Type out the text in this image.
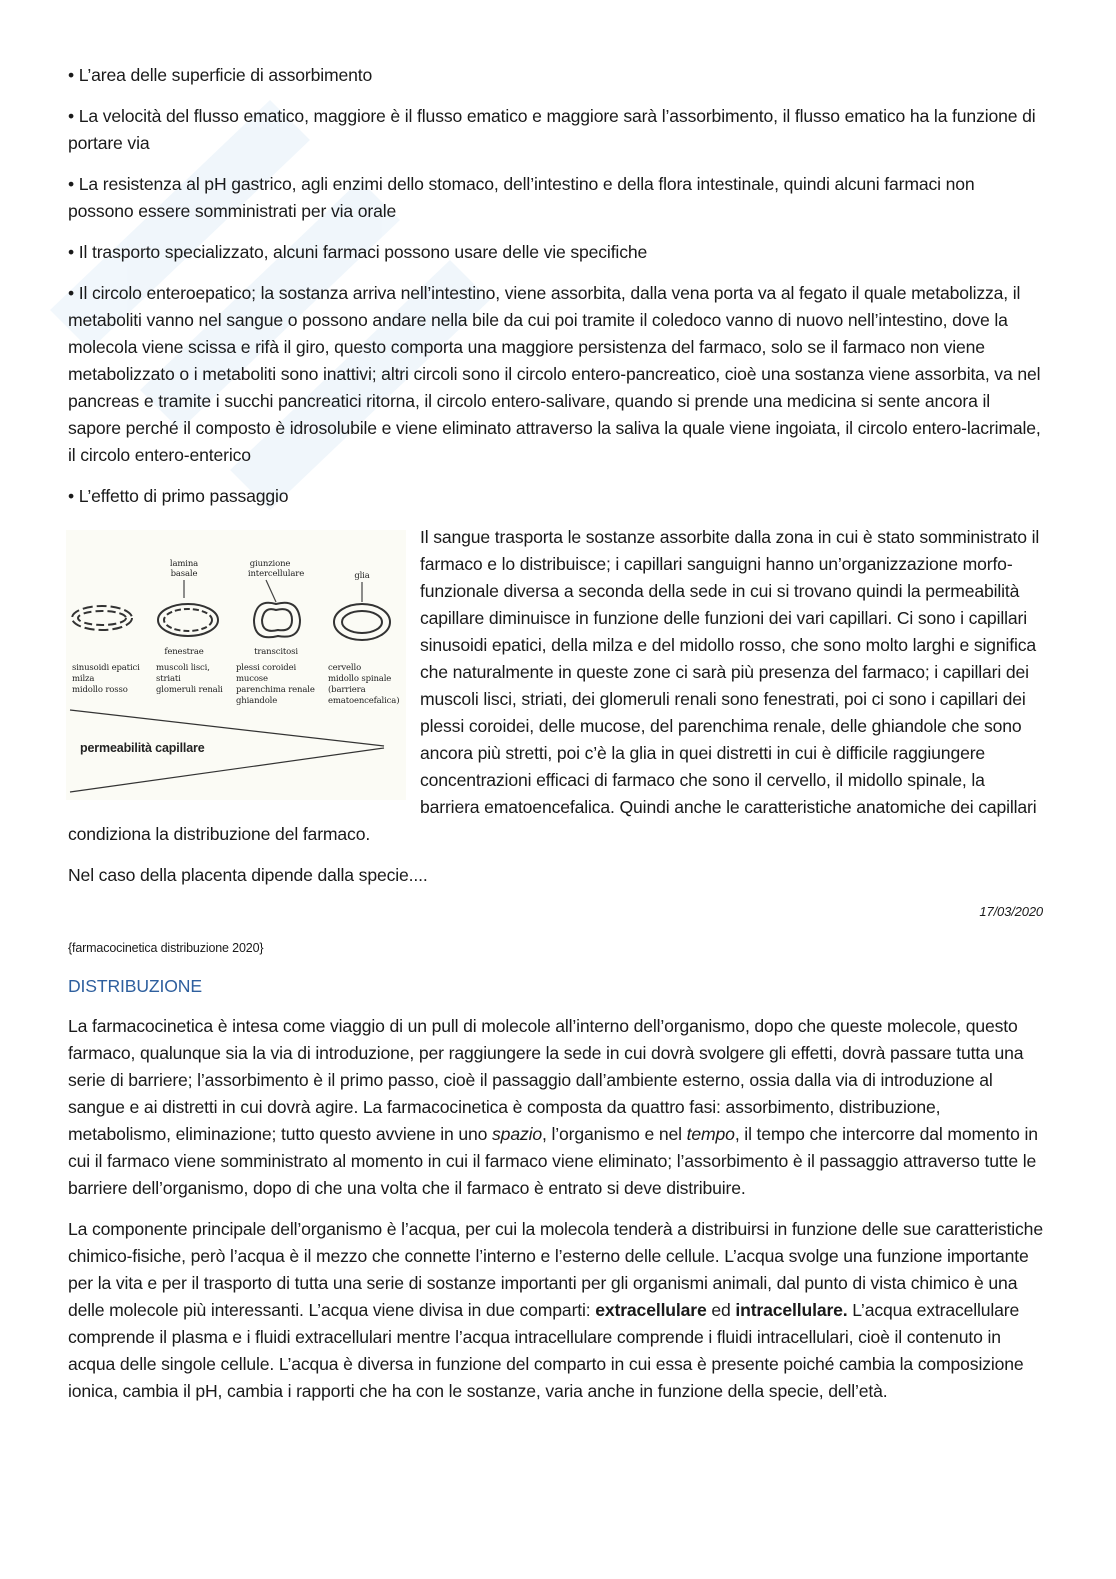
• L’area delle superficie di assorbimento
• La velocità del flusso ematico, maggiore è il flusso ematico e maggiore sarà l’assorbimento, il flusso ematico ha la funzione di portare via
• La resistenza al pH gastrico, agli enzimi dello stomaco, dell’intestino e della flora intestinale, quindi alcuni farmaci non possono essere somministrati per via orale
• Il trasporto specializzato, alcuni farmaci possono usare delle vie specifiche
• Il circolo enteroepatico; la sostanza arriva nell’intestino, viene assorbita, dalla vena porta va al fegato il quale metabolizza, il metaboliti vanno nel sangue o possono andare nella bile da cui poi tramite il coledoco vanno di nuovo nell’intestino, dove la molecola viene scissa e rifà il giro, questo comporta una maggiore persistenza del farmaco, solo se il farmaco non viene metabolizzato o i metaboliti sono inattivi; altri circoli sono il circolo entero-pancreatico, cioè una sostanza viene assorbita, va nel pancreas e tramite i succhi pancreatici ritorna, il circolo entero-salivare, quando si prende una medicina si sente ancora il sapore perché il composto è idrosolubile e viene eliminato attraverso la saliva la quale viene ingoiata, il circolo entero-lacrimale, il circolo entero-enterico
• L’effetto di primo passaggio
lamina
basale
giunzione
intercellulare	glia
fenestrae	transcitosi
sinusoidi epatici milza midollo rosso
muscoli lisci, striati glomeruli renali
plessi coroidei mucose parenchima renale ghiandole
cervello midollo spinale (barriera ematoencefalica)
permeabilità capillare

Il sangue trasporta le sostanze assorbite dalla zona in cui è stato somministrato il farmaco e lo distribuisce; i capillari sanguigni hanno un’organizzazione morfo-funzionale diversa a seconda della sede in cui si trovano quindi la permeabilità capillare diminuisce in funzione delle funzioni dei vari capillari. Ci sono i capillari sinusoidi epatici, della milza e del midollo rosso, che sono molto larghi e significa che naturalmente in queste zone ci sarà più presenza del farmaco; i capillari dei muscoli lisci, striati, dei glomeruli renali sono fenestrati, poi ci sono i capillari dei plessi coroidei, delle mucose, del parenchima renale, delle ghiandole che sono ancora più stretti, poi c’è la glia in quei distretti in cui è difficile raggiungere concentrazioni efficaci di farmaco che sono il cervello, il midollo spinale, la barriera ematoencefalica. Quindi anche le caratteristiche anatomiche dei capillari condiziona la distribuzione del farmaco.

Nel caso della placenta dipende dalla specie....

17/03/2020
{farmacocinetica distribuzione 2020}
DISTRIBUZIONE

La farmacocinetica è intesa come viaggio di un pull di molecole all’interno dell’organismo, dopo che queste molecole, questo farmaco, qualunque sia la via di introduzione, per raggiungere la sede in cui dovrà svolgere gli effetti, dovrà passare tutta una serie di barriere; l’assorbimento è il primo passo, cioè il passaggio dall’ambiente esterno, ossia dalla via di introduzione al sangue e ai distretti in cui dovrà agire. La farmacocinetica è composta da quattro fasi: assorbimento, distribuzione, metabolismo, eliminazione; tutto questo avviene in uno spazio, l’organismo e nel tempo, il tempo che intercorre dal momento in cui il farmaco viene somministrato al momento in cui il farmaco viene eliminato; l’assorbimento è il passaggio attraverso tutte le barriere dell’organismo, dopo di che una volta che il farmaco è entrato si deve distribuire.

La componente principale dell’organismo è l’acqua, per cui la molecola tenderà a distribuirsi in funzione delle sue caratteristiche chimico-fisiche, però l’acqua è il mezzo che connette l’interno e l’esterno delle cellule. L’acqua svolge una funzione importante per la vita e per il trasporto di tutta una serie di sostanze importanti per gli organismi animali, dal punto di vista chimico è una delle molecole più interessanti. L’acqua viene divisa in due comparti: extracellulare ed intracellulare. L’acqua extracellulare comprende il plasma e i fluidi extracellulari mentre l’acqua intracellulare comprende i fluidi intracellulari, cioè il contenuto in acqua delle singole cellule. L’acqua è diversa in funzione del comparto in cui essa è presente poiché cambia la composizione ionica, cambia il pH, cambia i rapporti che ha con le sostanze, varia anche in funzione della specie, dell’età.
